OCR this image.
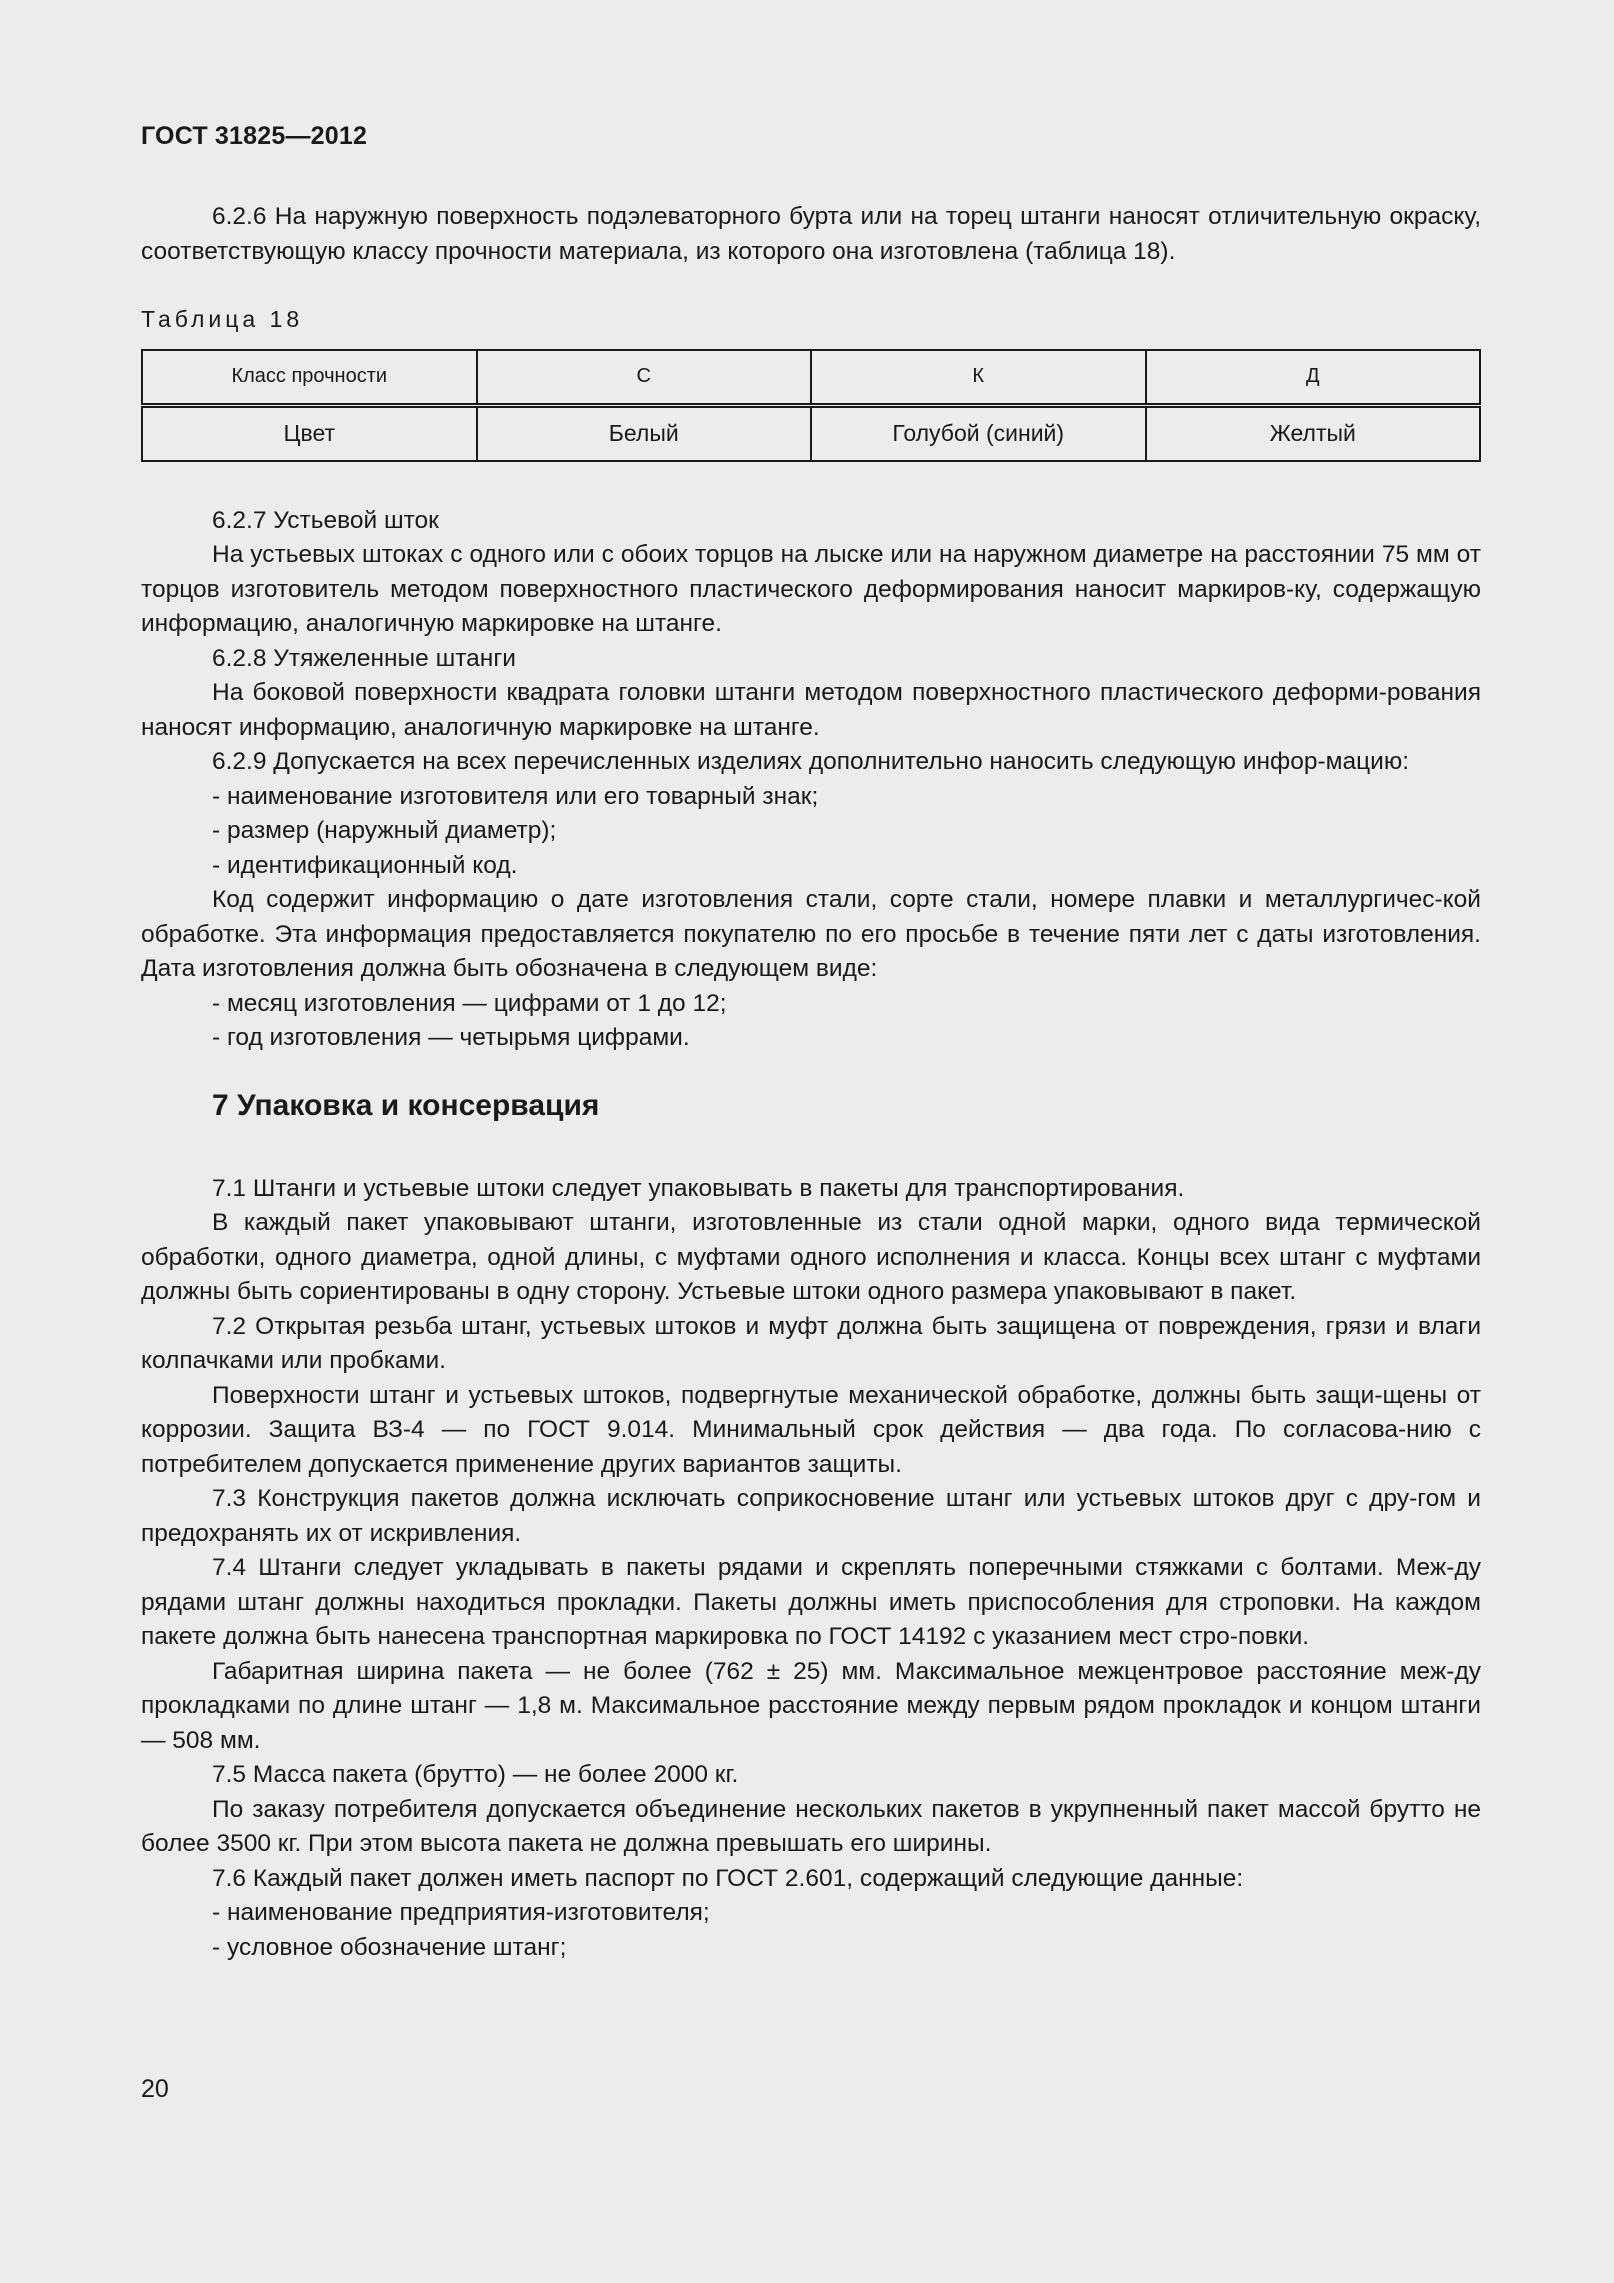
ГОСТ 31825—2012

6.2.6 На наружную поверхность подэлеваторного бурта или на торец штанги наносят отличительную окраску, соответствующую классу прочности материала, из которого она изготовлена (таблица 18).

Таблица 18

Класс прочности	С	К	Д
Цвет	Белый	Голубой (синий)	Желтый

6.2.7 Устьевой шток

На устьевых штоках с одного или с обоих торцов на лыске или на наружном диаметре на расстоянии 75 мм от торцов изготовитель методом поверхностного пластического деформирования наносит маркиров-ку, содержащую информацию, аналогичную маркировке на штанге.

6.2.8 Утяжеленные штанги

На боковой поверхности квадрата головки штанги методом поверхностного пластического деформи-рования наносят информацию, аналогичную маркировке на штанге.

6.2.9 Допускается на всех перечисленных изделиях дополнительно наносить следующую инфор-мацию:

- наименование изготовителя или его товарный знак;

- размер (наружный диаметр);

- идентификационный код.

Код содержит информацию о дате изготовления стали, сорте стали, номере плавки и металлургичес-кой обработке. Эта информация предоставляется покупателю по его просьбе в течение пяти лет с даты изготовления. Дата изготовления должна быть обозначена в следующем виде:

- месяц изготовления — цифрами от 1 до 12;

- год изготовления — четырьмя цифрами.

7 Упаковка и консервация

7.1 Штанги и устьевые штоки следует упаковывать в пакеты для транспортирования.

В каждый пакет упаковывают штанги, изготовленные из стали одной марки, одного вида термической обработки, одного диаметра, одной длины, с муфтами одного исполнения и класса. Концы всех штанг с муфтами должны быть сориентированы в одну сторону. Устьевые штоки одного размера упаковывают в пакет.

7.2 Открытая резьба штанг, устьевых штоков и муфт должна быть защищена от повреждения, грязи и влаги колпачками или пробками.

Поверхности штанг и устьевых штоков, подвергнутые механической обработке, должны быть защи-щены от коррозии. Защита ВЗ-4 — по ГОСТ 9.014. Минимальный срок действия — два года. По согласова-нию с потребителем допускается применение других вариантов защиты.

7.3 Конструкция пакетов должна исключать соприкосновение штанг или устьевых штоков друг с дру-гом и предохранять их от искривления.

7.4 Штанги следует укладывать в пакеты рядами и скреплять поперечными стяжками с болтами. Меж-ду рядами штанг должны находиться прокладки. Пакеты должны иметь приспособления для строповки. На каждом пакете должна быть нанесена транспортная маркировка по ГОСТ 14192 с указанием мест стро-повки.

Габаритная ширина пакета — не более (762 ± 25) мм. Максимальное межцентровое расстояние меж-ду прокладками по длине штанг — 1,8 м. Максимальное расстояние между первым рядом прокладок и концом штанги — 508 мм.

7.5 Масса пакета (брутто) — не более 2000 кг.

По заказу потребителя допускается объединение нескольких пакетов в укрупненный пакет массой брутто не более 3500 кг. При этом высота пакета не должна превышать его ширины.

7.6 Каждый пакет должен иметь паспорт по ГОСТ 2.601, содержащий следующие данные:

- наименование предприятия-изготовителя;

- условное обозначение штанг;

20
